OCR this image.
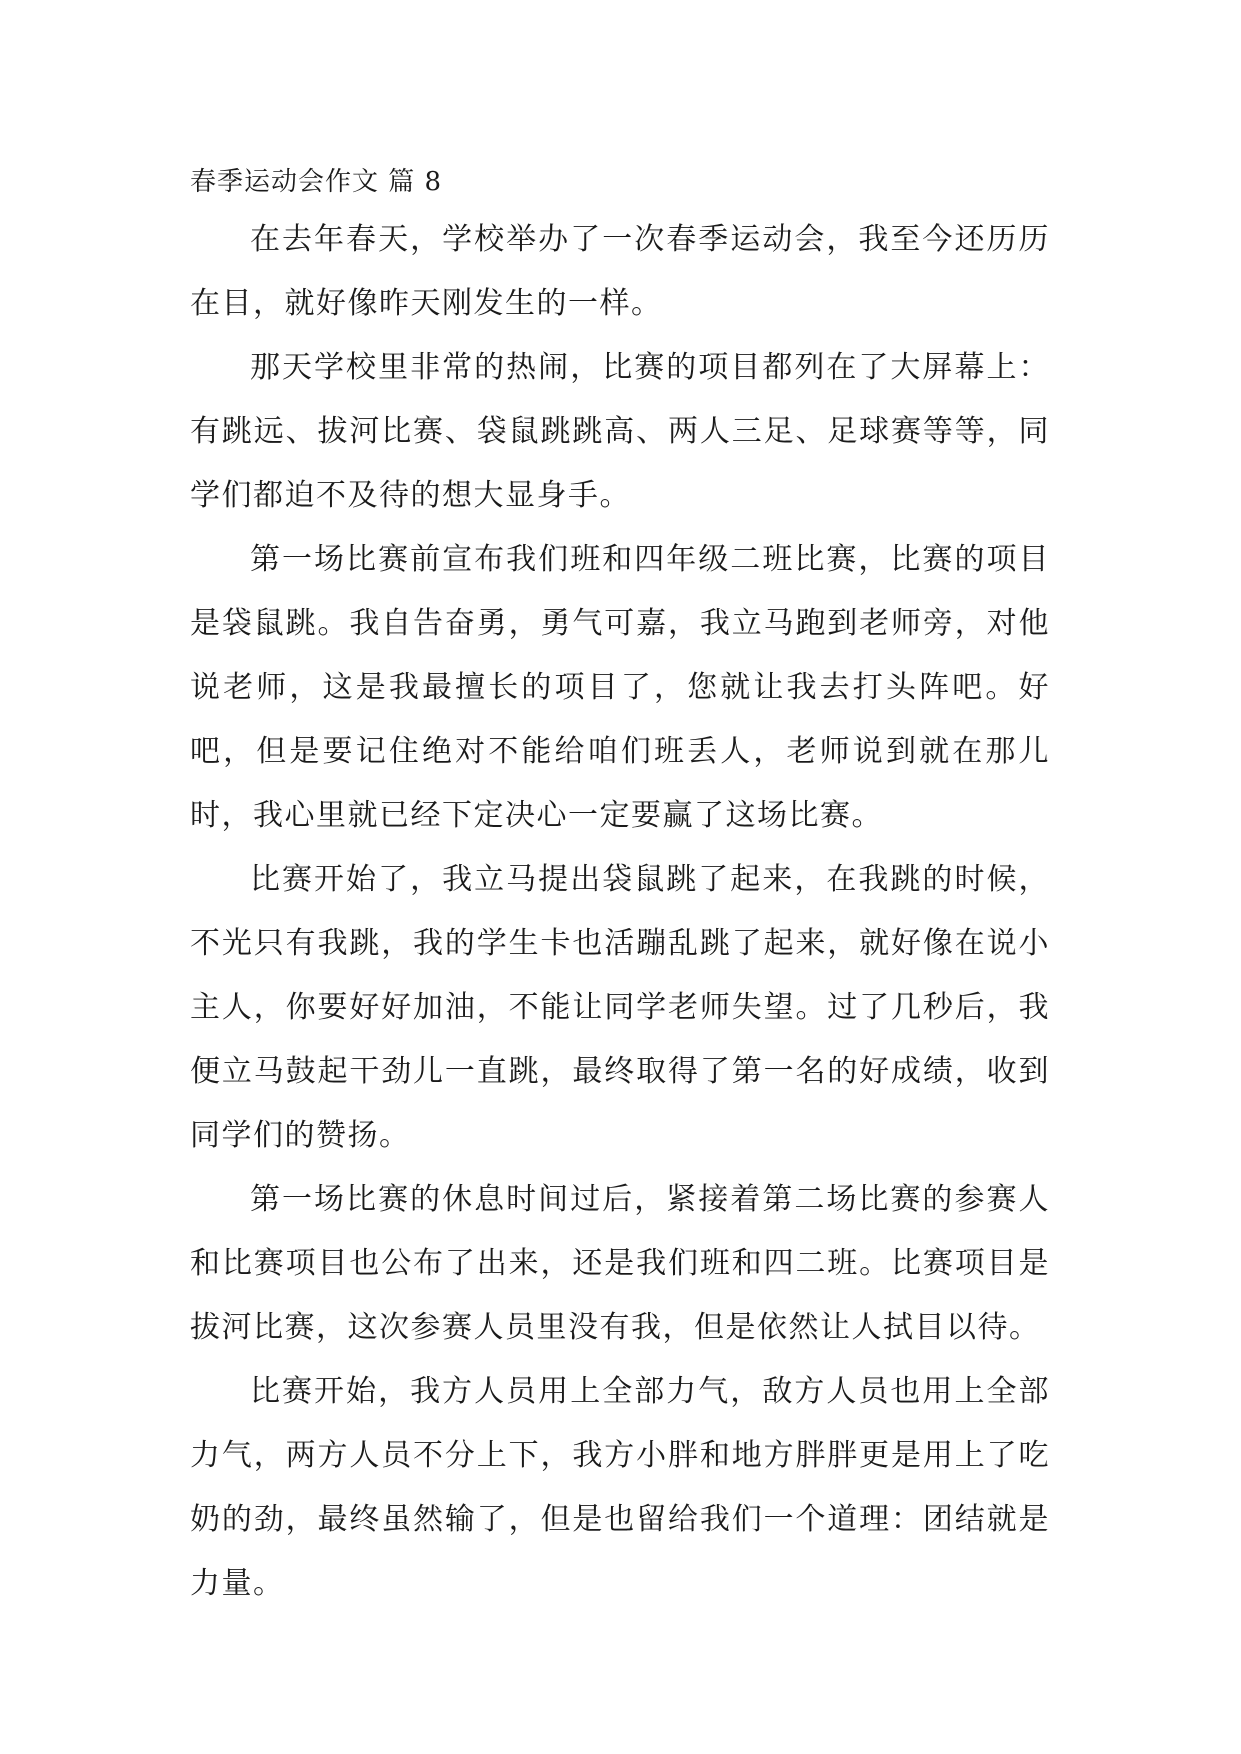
春季运动会作文 篇 8

在去年春天，学校举办了一次春季运动会，我至今还历历在目，就好像昨天刚发生的一样。

那天学校里非常的热闹，比赛的项目都列在了大屏幕上：有跳远、拔河比赛、袋鼠跳跳高、两人三足、足球赛等等，同学们都迫不及待的想大显身手。

第一场比赛前宣布我们班和四年级二班比赛，比赛的项目是袋鼠跳。我自告奋勇，勇气可嘉，我立马跑到老师旁，对他说老师，这是我最擅长的项目了，您就让我去打头阵吧。好吧，但是要记住绝对不能给咱们班丢人，老师说到就在那儿时，我心里就已经下定决心一定要赢了这场比赛。

比赛开始了，我立马提出袋鼠跳了起来，在我跳的时候，不光只有我跳，我的学生卡也活蹦乱跳了起来，就好像在说小主人，你要好好加油，不能让同学老师失望。过了几秒后，我便立马鼓起干劲儿一直跳，最终取得了第一名的好成绩，收到同学们的赞扬。

第一场比赛的休息时间过后，紧接着第二场比赛的参赛人和比赛项目也公布了出来，还是我们班和四二班。比赛项目是拔河比赛，这次参赛人员里没有我，但是依然让人拭目以待。

比赛开始，我方人员用上全部力气，敌方人员也用上全部力气，两方人员不分上下，我方小胖和地方胖胖更是用上了吃奶的劲，最终虽然输了，但是也留给我们一个道理：团结就是力量。
